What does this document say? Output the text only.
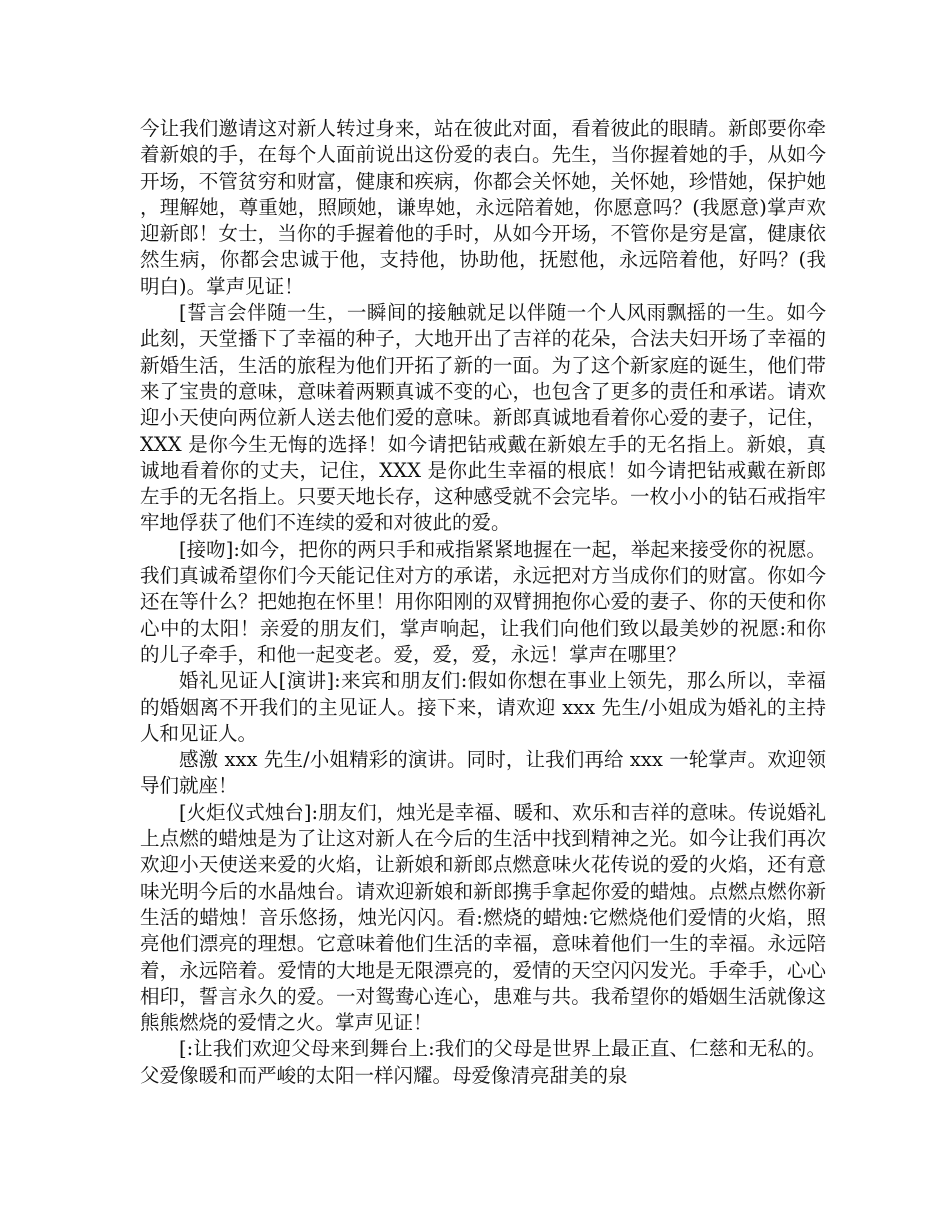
今让我们邀请这对新人转过身来，站在彼此对面，看着彼此的眼睛。新郎要你牵着新娘的手，在每个人面前说出这份爱的表白。先生，当你握着她的手，从如今开场，不管贫穷和财富，健康和疾病，你都会关怀她，关怀她，珍惜她，保护她，理解她，尊重她，照顾她，谦卑她，永远陪着她，你愿意吗？(我愿意)掌声欢迎新郎！女士，当你的手握着他的手时，从如今开场，不管你是穷是富，健康依然生病，你都会忠诚于他，支持他，协助他，抚慰他，永远陪着他，好吗？(我明白)。掌声见证！

[誓言会伴随一生，一瞬间的接触就足以伴随一个人风雨飘摇的一生。如今此刻，天堂播下了幸福的种子，大地开出了吉祥的花朵，合法夫妇开场了幸福的新婚生活，生活的旅程为他们开拓了新的一面。为了这个新家庭的诞生，他们带来了宝贵的意味，意味着两颗真诚不变的心，也包含了更多的责任和承诺。请欢迎小天使向两位新人送去他们爱的意味。新郎真诚地看着你心爱的妻子，记住，XXX 是你今生无悔的选择！如今请把钻戒戴在新娘左手的无名指上。新娘，真诚地看着你的丈夫，记住，XXX 是你此生幸福的根底！如今请把钻戒戴在新郎左手的无名指上。只要天地长存，这种感受就不会完毕。一枚小小的钻石戒指牢牢地俘获了他们不连续的爱和对彼此的爱。

[接吻]:如今，把你的两只手和戒指紧紧地握在一起，举起来接受你的祝愿。我们真诚希望你们今天能记住对方的承诺，永远把对方当成你们的财富。你如今还在等什么？把她抱在怀里！用你阳刚的双臂拥抱你心爱的妻子、你的天使和你心中的太阳！亲爱的朋友们，掌声响起，让我们向他们致以最美妙的祝愿:和你的儿子牵手，和他一起变老。爱，爱，爱，永远！掌声在哪里？

婚礼见证人[演讲]:来宾和朋友们:假如你想在事业上领先，那么所以，幸福的婚姻离不开我们的主见证人。接下来，请欢迎 xxx 先生/小姐成为婚礼的主持人和见证人。

感激 xxx 先生/小姐精彩的演讲。同时，让我们再给 xxx 一轮掌声。欢迎领导们就座！

[火炬仪式烛台]:朋友们，烛光是幸福、暖和、欢乐和吉祥的意味。传说婚礼上点燃的蜡烛是为了让这对新人在今后的生活中找到精神之光。如今让我们再次欢迎小天使送来爱的火焰，让新娘和新郎点燃意味火花传说的爱的火焰，还有意味光明今后的水晶烛台。请欢迎新娘和新郎携手拿起你爱的蜡烛。点燃点燃你新生活的蜡烛！音乐悠扬，烛光闪闪。看:燃烧的蜡烛:它燃烧他们爱情的火焰，照亮他们漂亮的理想。它意味着他们生活的幸福，意味着他们一生的幸福。永远陪着，永远陪着。爱情的大地是无限漂亮的，爱情的天空闪闪发光。手牵手，心心相印，誓言永久的爱。一对鸳鸯心连心，患难与共。我希望你的婚姻生活就像这熊熊燃烧的爱情之火。掌声见证！

[:让我们欢迎父母来到舞台上:我们的父母是世界上最正直、仁慈和无私的。父爱像暖和而严峻的太阳一样闪耀。母爱像清亮甜美的泉
